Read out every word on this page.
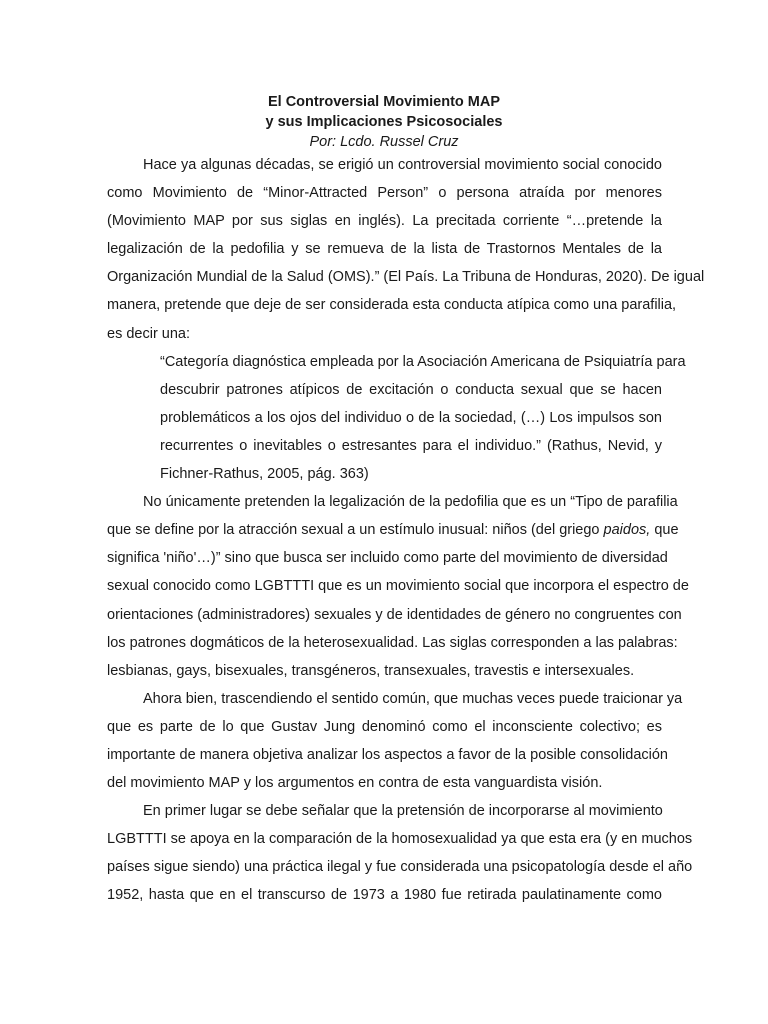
El Controversial Movimiento MAP
y sus Implicaciones Psicosociales
Por: Lcdo. Russel Cruz
Hace ya algunas décadas, se erigió un controversial movimiento social conocido
como Movimiento de “Minor-Attracted Person” o persona atraída por menores
(Movimiento MAP por sus siglas en inglés). La precitada corriente “…pretende la
legalización de la pedofilia y se remueva de la lista de Trastornos Mentales de la
Organización Mundial de la Salud (OMS).” (El País. La Tribuna de Honduras, 2020). De igual
manera, pretende que deje de ser considerada esta conducta atípica como una parafilia,
es decir una:
“Categoría diagnóstica empleada por la Asociación Americana de Psiquiatría para
descubrir patrones atípicos de excitación o conducta sexual que se hacen
problemáticos a los ojos del individuo o de la sociedad, (…) Los impulsos son
recurrentes o inevitables o estresantes para el individuo.” (Rathus, Nevid, y
Fichner-Rathus, 2005, pág. 363)
No únicamente pretenden la legalización de la pedofilia que es un “Tipo de parafilia
que se define por la atracción sexual a un estímulo inusual: niños (del griego paidos, que
significa 'niño'…)” sino que busca ser incluido como parte del movimiento de diversidad
sexual conocido como LGBTTTI que es un movimiento social que incorpora el espectro de
orientaciones (administradores) sexuales y de identidades de género no congruentes con
los patrones dogmáticos de la heterosexualidad. Las siglas corresponden a las palabras:
lesbianas, gays, bisexuales, transgéneros, transexuales, travestis e intersexuales.
Ahora bien, trascendiendo el sentido común, que muchas veces puede traicionar ya
que es parte de lo que Gustav Jung denominó como el inconsciente colectivo; es
importante de manera objetiva analizar los aspectos a favor de la posible consolidación
del movimiento MAP y los argumentos en contra de esta vanguardista visión.
En primer lugar se debe señalar que la pretensión de incorporarse al movimiento
LGBTTTI se apoya en la comparación de la homosexualidad ya que esta era (y en muchos
países sigue siendo) una práctica ilegal y fue considerada una psicopatología desde el año
1952, hasta que en el transcurso de 1973 a 1980 fue retirada paulatinamente como
